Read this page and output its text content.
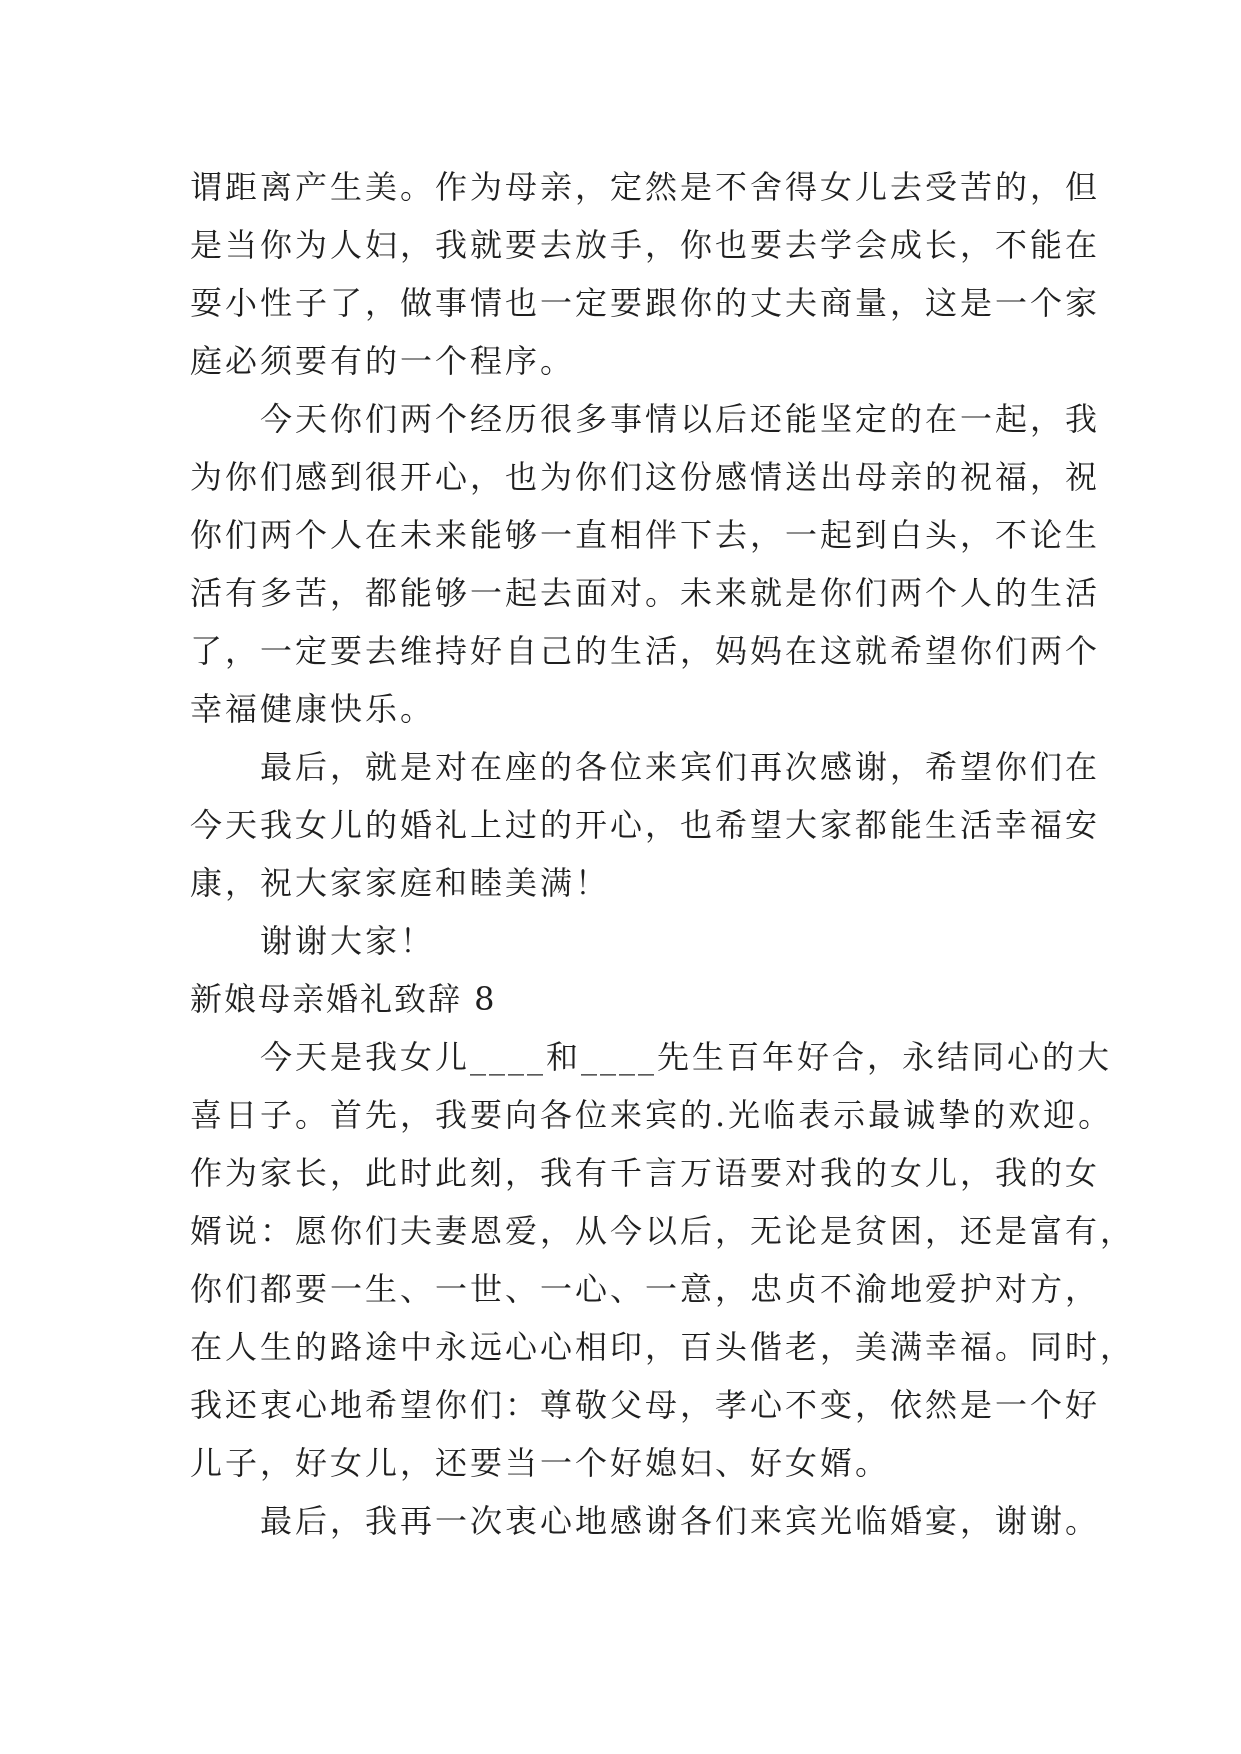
谓距离产生美。作为母亲，定然是不舍得女儿去受苦的，但
是当你为人妇，我就要去放手，你也要去学会成长，不能在
耍小性子了，做事情也一定要跟你的丈夫商量，这是一个家
庭必须要有的一个程序。
今天你们两个经历很多事情以后还能坚定的在一起，我
为你们感到很开心，也为你们这份感情送出母亲的祝福，祝
你们两个人在未来能够一直相伴下去，一起到白头，不论生
活有多苦，都能够一起去面对。未来就是你们两个人的生活
了，一定要去维持好自己的生活，妈妈在这就希望你们两个
幸福健康快乐。
最后，就是对在座的各位来宾们再次感谢，希望你们在
今天我女儿的婚礼上过的开心，也希望大家都能生活幸福安
康，祝大家家庭和睦美满！
谢谢大家！
新娘母亲婚礼致辞 8
今天是我女儿____和____先生百年好合，永结同心的大
喜日子。首先，我要向各位来宾的.光临表示最诚挚的欢迎。
作为家长，此时此刻，我有千言万语要对我的女儿，我的女
婿说：愿你们夫妻恩爱，从今以后，无论是贫困，还是富有，
你们都要一生、一世、一心、一意，忠贞不渝地爱护对方，
在人生的路途中永远心心相印，百头偕老，美满幸福。同时，
我还衷心地希望你们：尊敬父母，孝心不变，依然是一个好
儿子，好女儿，还要当一个好媳妇、好女婿。
最后，我再一次衷心地感谢各们来宾光临婚宴，谢谢。
